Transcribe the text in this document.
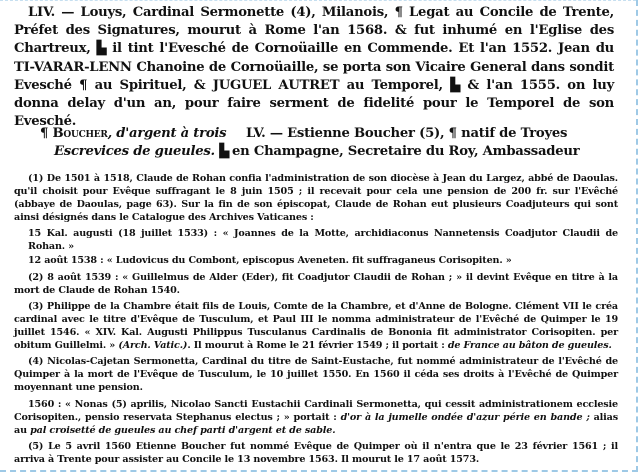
LIV. — Louys, Cardinal Sermonette (4), Milanois, ¶ Legat au Concile de Trente, Préfet des Signatures, mourut à Rome l'an 1568. & fut inhumé en l'Eglise des Chartreux, ▙ il tint l'Evesché de Cornoüaille en Commende. Et l'an 1552. Jean du TI-VARAR-LENN Chanoine de Cornoüaille, se porta son Vicaire General dans sondit Evesché ¶ au Spirituel, & JUGUEL AUTRET au Temporel, ▙ & l'an 1555. on luy donna delay d'un an, pour faire serment de fidelité pour le Temporel de son Evesché.

¶ Boucher, d'argent à trois
Escrevices de gueules. ▙
LV. — Estienne Boucher (5), ¶ natif de Troyes
en Champagne, Secretaire du Roy, Ambassadeur

(1) De 1501 à 1518, Claude de Rohan confia l'administration de son diocèse à Jean du Largez, abbé de Daoulas. qu'il choisit pour Evêque suffragant le 8 juin 1505 ; il recevait pour cela une pension de 200 fr. sur l'Evêché (abbaye de Daoulas, page 63). Sur la fin de son épiscopat, Claude de Rohan eut plusieurs Coadjuteurs qui sont ainsi désignés dans le Catalogue des Archives Vaticanes :

15 Kal. augusti (18 juillet 1533) : « Joannes de la Motte, archidiaconus Nannetensis Coadjutor Claudii de Rohan. »

12 août 1538 : « Ludovicus du Combont, episcopus Aveneten. fit suffraganeus Corisopiten. »

(2) 8 août 1539 : « Guillelmus de Alder (Eder), fit Coadjutor Claudii de Rohan ; » il devint Evêque en titre à la mort de Claude de Rohan 1540.

(3) Philippe de la Chambre était fils de Louis, Comte de la Chambre, et d'Anne de Bologne. Clément VII le créa cardinal avec le titre d'Evêque de Tusculum, et Paul III le nomma administrateur de l'Evêché de Quimper le 19 juillet 1546. « XIV. Kal. Augusti Philippus Tusculanus Cardinalis de Bononia fit administrator Corisopiten. per obitum Guillelmi. » (Arch. Vatic.). Il mourut à Rome le 21 février 1549 ; il portait : de France au bâton de gueules.

(4) Nicolas-Cajetan Sermonetta, Cardinal du titre de Saint-Eustache, fut nommé administrateur de l'Evêché de Quimper à la mort de l'Evêque de Tusculum, le 10 juillet 1550. En 1560 il céda ses droits à l'Evêché de Quimper moyennant une pension.

1560 : « Nonas (5) aprilis, Nicolao Sancti Eustachii Cardinali Sermonetta, qui cessit administrationem ecclesie Corisopiten., pensio reservata Stephanus electus ; » portait : d'or à la jumelle ondée d'azur périe en bande ; alias au pal croisetté de gueules au chef parti d'argent et de sable.

(5) Le 5 avril 1560 Etienne Boucher fut nommé Evêque de Quimper où il n'entra que le 23 février 1561 ; il arriva à Trente pour assister au Concile le 13 novembre 1563. Il mourut le 17 août 1573.
